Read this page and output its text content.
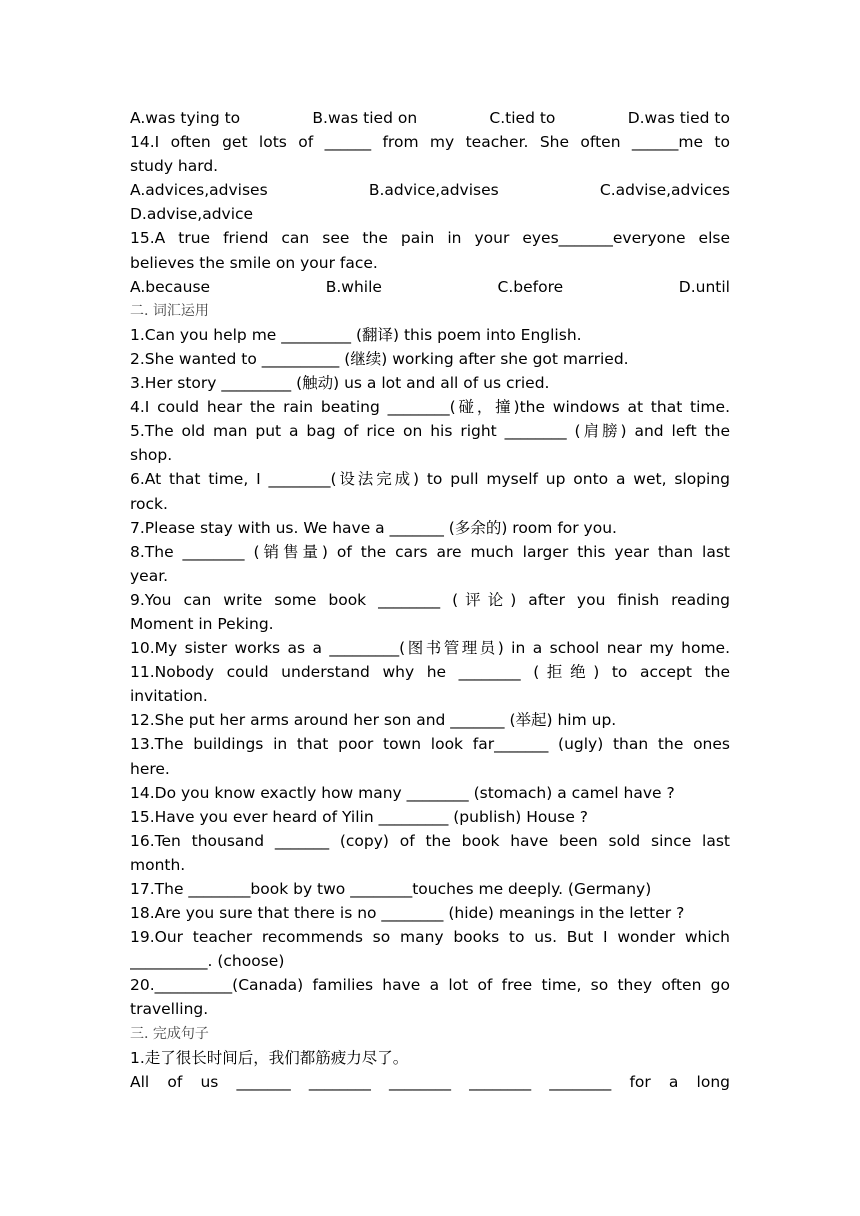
A.was tying to	B.was tied on	C.tied to	D.was tied to
14.I often get lots of ______ from my teacher. She often ______me to
study hard.
A.advices,advises	B.advice,advises	C.advise,advices
D.advise,advice
15.A true friend can see the pain in your eyes_______everyone else
believes the smile on your face.
A.because	B.while	C.before	D.until
二. 词汇运用
1.Can you help me _________ (翻译) this poem into English.
2.She wanted to __________ (继续) working after she got married.
3.Her story _________ (触动) us a lot and all of us cried.
4.I could hear the rain beating ________(碰，撞)the windows at that time.
5.The old man put a bag of rice on his right ________ (肩膀) and left the
shop.
6.At that time, I ________(设法完成) to pull myself up onto a wet, sloping
rock.
7.Please stay with us. We have a _______ (多余的) room for you.
8.The ________ (销售量) of the cars are much larger this year than last
year.
9.You can write some book ________ (评论) after you finish reading
Moment in Peking.
10.My sister works as a _________(图书管理员) in a school near my home.
11.Nobody could understand why he ________ (拒绝) to accept the
invitation.
12.She put her arms around her son and _______ (举起) him up.
13.The buildings in that poor town look far_______ (ugly) than the ones
here.
14.Do you know exactly how many ________ (stomach) a camel have ?
15.Have you ever heard of Yilin _________ (publish) House ?
16.Ten thousand _______ (copy) of the book have been sold since last
month.
17.The ________book by two ________touches me deeply. (Germany)
18.Are you sure that there is no ________ (hide) meanings in the letter ?
19.Our teacher recommends so many books to us. But I wonder which
__________. (choose)
20.__________(Canada) families have a lot of free time, so they often go
travelling.
三. 完成句子
1.走了很长时间后，我们都筋疲力尽了。
All of us _______ ________ ________ ________ ________ for a long
